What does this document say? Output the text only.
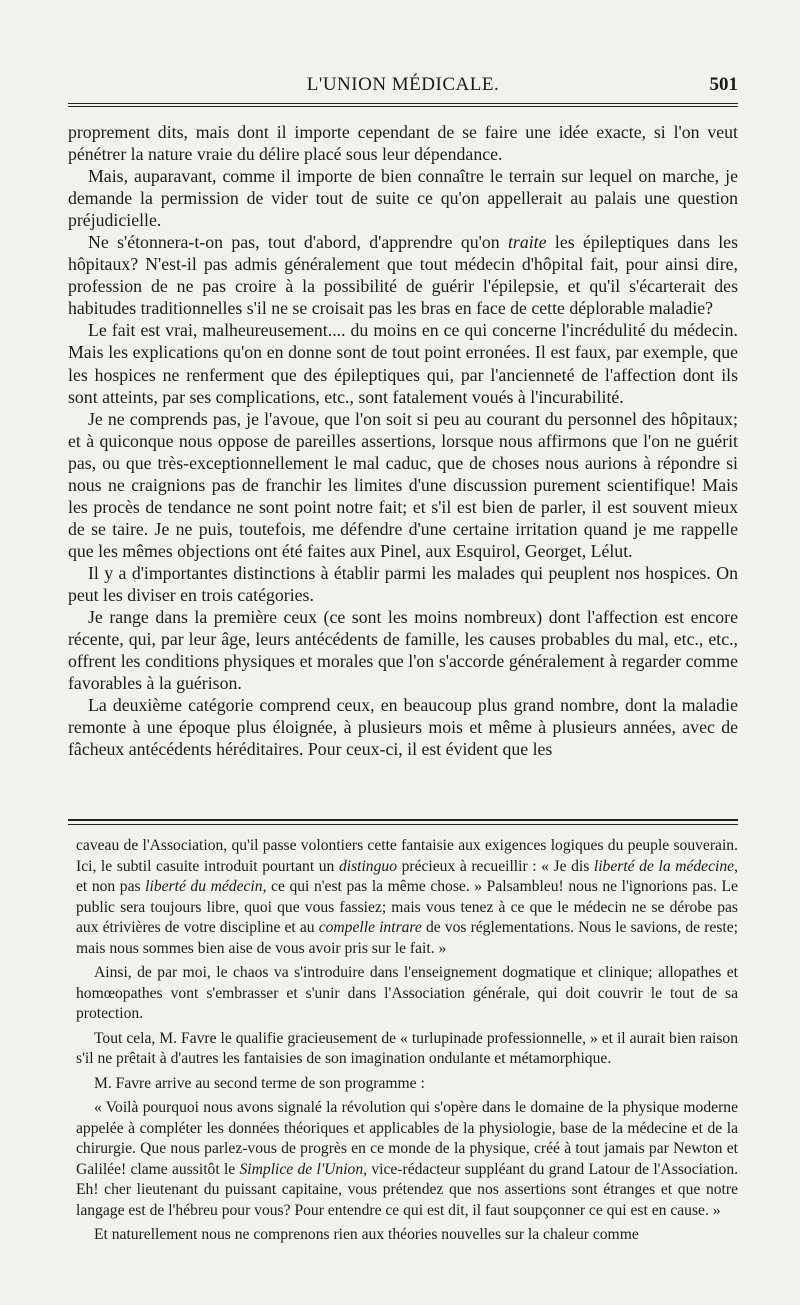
L'UNION MÉDICALE.	501

proprement dits, mais dont il importe cependant de se faire une idée exacte, si l'on veut pénétrer la nature vraie du délire placé sous leur dépendance.

Mais, auparavant, comme il importe de bien connaître le terrain sur lequel on marche, je demande la permission de vider tout de suite ce qu'on appellerait au palais une question préjudicielle.

Ne s'étonnera-t-on pas, tout d'abord, d'apprendre qu'on traite les épileptiques dans les hôpitaux? N'est-il pas admis généralement que tout médecin d'hôpital fait, pour ainsi dire, profession de ne pas croire à la possibilité de guérir l'épilepsie, et qu'il s'écarterait des habitudes traditionnelles s'il ne se croisait pas les bras en face de cette déplorable maladie?

Le fait est vrai, malheureusement.... du moins en ce qui concerne l'incrédulité du médecin. Mais les explications qu'on en donne sont de tout point erronées. Il est faux, par exemple, que les hospices ne renferment que des épileptiques qui, par l'ancienneté de l'affection dont ils sont atteints, par ses complications, etc., sont fatalement voués à l'incurabilité.

Je ne comprends pas, je l'avoue, que l'on soit si peu au courant du personnel des hôpitaux; et à quiconque nous oppose de pareilles assertions, lorsque nous affirmons que l'on ne guérit pas, ou que très-exceptionnellement le mal caduc, que de choses nous aurions à répondre si nous ne craignions pas de franchir les limites d'une discussion purement scientifique! Mais les procès de tendance ne sont point notre fait; et s'il est bien de parler, il est souvent mieux de se taire. Je ne puis, toutefois, me défendre d'une certaine irritation quand je me rappelle que les mêmes objections ont été faites aux Pinel, aux Esquirol, Georget, Lélut.

Il y a d'importantes distinctions à établir parmi les malades qui peuplent nos hospices. On peut les diviser en trois catégories.

Je range dans la première ceux (ce sont les moins nombreux) dont l'affection est encore récente, qui, par leur âge, leurs antécédents de famille, les causes probables du mal, etc., etc., offrent les conditions physiques et morales que l'on s'accorde généralement à regarder comme favorables à la guérison.

La deuxième catégorie comprend ceux, en beaucoup plus grand nombre, dont la maladie remonte à une époque plus éloignée, à plusieurs mois et même à plusieurs années, avec de fâcheux antécédents héréditaires. Pour ceux-ci, il est évident que les

caveau de l'Association, qu'il passe volontiers cette fantaisie aux exigences logiques du peuple souverain. Ici, le subtil casuite introduit pourtant un distinguo précieux à recueillir : « Je dis liberté de la médecine, et non pas liberté du médecin, ce qui n'est pas la même chose. » Palsambleu! nous ne l'ignorions pas. Le public sera toujours libre, quoi que vous fassiez; mais vous tenez à ce que le médecin ne se dérobe pas aux étrivières de votre discipline et au compelle intrare de vos réglementations. Nous le savions, de reste; mais nous sommes bien aise de vous avoir pris sur le fait. »

Ainsi, de par moi, le chaos va s'introduire dans l'enseignement dogmatique et clinique; allopathes et homœopathes vont s'embrasser et s'unir dans l'Association générale, qui doit couvrir le tout de sa protection.

Tout cela, M. Favre le qualifie gracieusement de « turlupinade professionnelle, » et il aurait bien raison s'il ne prêtait à d'autres les fantaisies de son imagination ondulante et métamorphique.

M. Favre arrive au second terme de son programme :

« Voilà pourquoi nous avons signalé la révolution qui s'opère dans le domaine de la physique moderne appelée à compléter les données théoriques et applicables de la physiologie, base de la médecine et de la chirurgie. Que nous parlez-vous de progrès en ce monde de la physique, créé à tout jamais par Newton et Galilée! clame aussitôt le Simplice de l'Union, vice-rédacteur suppléant du grand Latour de l'Association. Eh! cher lieutenant du puissant capitaine, vous prétendez que nos assertions sont étranges et que notre langage est de l'hébreu pour vous? Pour entendre ce qui est dit, il faut soupçonner ce qui est en cause. »

Et naturellement nous ne comprenons rien aux théories nouvelles sur la chaleur comme
